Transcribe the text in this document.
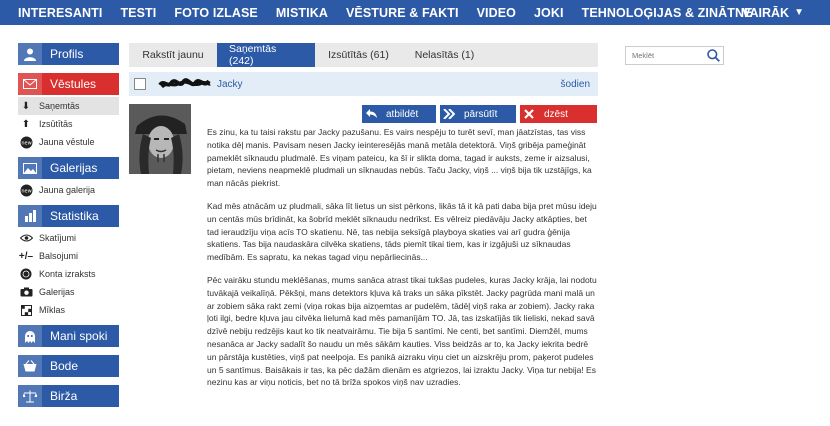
INTERESANTI TESTI FOTO IZLASE MISTIKA VĒSTURE & FAKTI VIDEO JOKI TEHNOLOĢIJAS & ZINĀTNE
VAIRĀK ▼
Profils
Vēstules
⬇ Saņemtās
⬆ Izsūtītās
new Jauna vēstule
Galerijas
new Jauna galerija
Statistika
Skatījumi
+/– Balsojumi
Konta izraksts
Galerijas
Mīklas
Mani spoki
Bode
Birža
Rakstīt jaunu	Saņemtās (242)	Izsūtītās (61)	Nelasītās (1)
Meklēt
Jacky	šodien
atbildēt	pārsūtīt	dzēst

Es zinu, ka tu taisi rakstu par Jacky pazušanu. Es vairs nespēju to turēt sevī, man jāatzīstas, tas viss notika dēļ manis. Pavisam nesen Jacky ieinteresējās manā metāla detektorā. Viņš gribēja pameģināt pameklēt sīknaudu pludmalē. Es viņam pateicu, ka šī ir slikta doma, tagad ir auksts, zeme ir aizsalusi, pietam, neviens neapmeklē pludmali un sīknaudas nebūs. Taču Jacky, viņš ... viņš bija tik uzstājīgs, ka man nācās piekrist.

Kad mēs atnācām uz pludmali, sāka līt lietus un sist pērkons, likās tā it kā pati daba bija pret mūsu ideju un centās mūs brīdināt, ka šobrīd meklēt sīknaudu nedrīkst. Es vēlreiz piedāvāju Jacky atkāpties, bet tad ieraudzīju viņa acīs TO skatienu. Nē, tas nebija seksīgā playboya skaties vai arī gudra ģēnija skatiens. Tas bija naudaskāra cilvēka skatiens, tāds piemīt tikai tiem, kas ir izgājuši uz sīknaudas medībām. Es sapratu, ka nekas tagad viņu nepārliecinās...

Pēc vairāku stundu meklēšanas, mums sanāca atrast tikai tukšas pudeles, kuras Jacky krāja, lai nodotu tuvākajā veikalīņā. Pēkšņi, mans detektors kļuva kā traks un sāka pīkstēt. Jacky pagrūda mani malā un ar zobiem sāka rakt zemi (viņa rokas bija aizņemtas ar pudelēm, tādēļ viņš raka ar zobiem). Jacky raka ļoti ilgi, bedre kļuva jau cilvēka lielumā kad mēs pamanījām TO. Jā, tas izskatījās tik lieliski, nekad savā dzīvē nebiju redzējis kaut ko tik neatvairāmu. Tie bija 5 santīmi. Ne centi, bet santīmi. Diemžēl, mums nesanāca ar Jacky sadalīt šo naudu un mēs sākām kauties. Viss beidzās ar to, ka Jacky iekrita bedrē un pārstāja kustēties, viņš pat neelpoja. Es panikā aizraku viņu ciet un aizskrēju prom, paķerot pudeles un 5 santīmus. Baisākais ir tas, ka pēc dažām dienām es atgriezos, lai izraktu Jacky. Viņa tur nebija! Es nezinu kas ar viņu noticis, bet no tā brīža spokos viņš nav uzradies.
